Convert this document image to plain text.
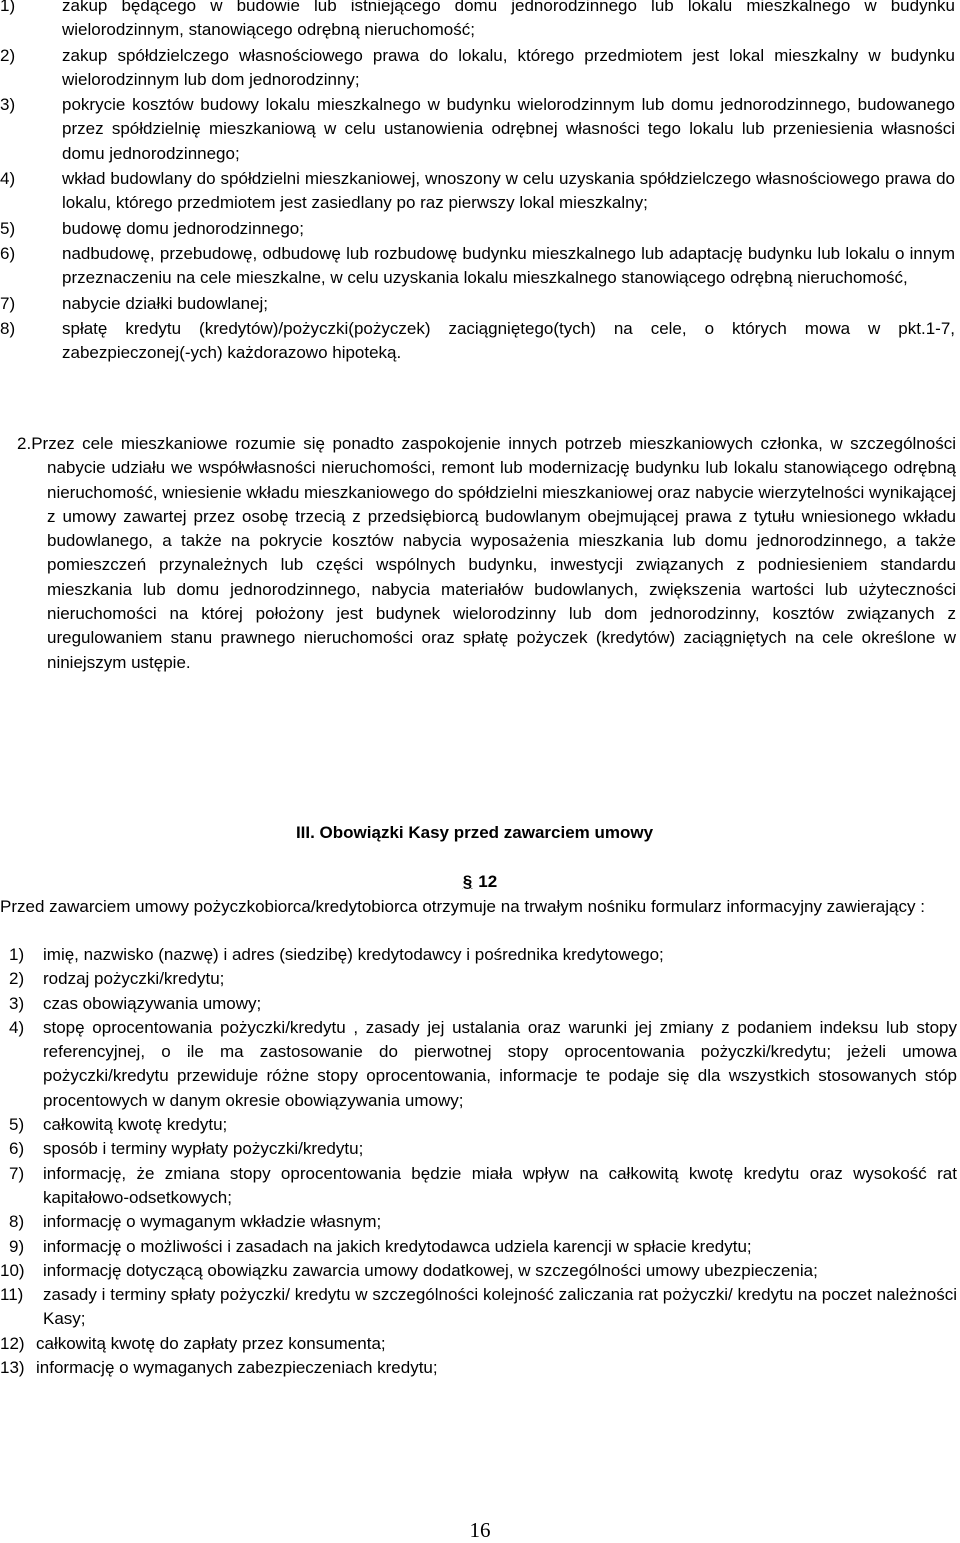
1)	zakup będącego w budowie lub istniejącego domu jednorodzinnego lub lokalu mieszkalnego w budynku wielorodzinnym, stanowiącego odrębną nieruchomość;
2)	zakup spółdzielczego własnościowego prawa do lokalu, którego przedmiotem jest lokal mieszkalny w budynku wielorodzinnym lub dom jednorodzinny;
3)	pokrycie kosztów budowy lokalu mieszkalnego w budynku wielorodzinnym lub domu jednorodzinnego, budowanego przez spółdzielnię mieszkaniową w celu ustanowienia odrębnej własności tego lokalu lub przeniesienia własności domu jednorodzinnego;
4)	wkład budowlany do spółdzielni mieszkaniowej, wnoszony w celu uzyskania spółdzielczego własnościowego prawa do lokalu, którego przedmiotem jest zasiedlany po raz pierwszy lokal mieszkalny;
5)	budowę domu jednorodzinnego;
6)	nadbudowę, przebudowę, odbudowę lub rozbudowę budynku mieszkalnego lub adaptację budynku lub lokalu o innym przeznaczeniu na cele mieszkalne, w celu uzyskania lokalu mieszkalnego stanowiącego odrębną nieruchomość,
7)	nabycie działki budowlanej;
8)	spłatę kredytu (kredytów)/pożyczki(pożyczek) zaciągniętego(tych) na cele, o których mowa w pkt.1-7, zabezpieczonej(-ych) każdorazowo hipoteką.
2.Przez cele mieszkaniowe rozumie się ponadto zaspokojenie innych potrzeb mieszkaniowych członka, w szczególności nabycie udziału we współwłasności nieruchomości, remont lub modernizację budynku lub lokalu stanowiącego odrębną nieruchomość, wniesienie wkładu mieszkaniowego do spółdzielni mieszkaniowej oraz nabycie wierzytelności wynikającej z umowy zawartej przez osobę trzecią z przedsiębiorcą budowlanym obejmującej prawa z tytułu wniesionego wkładu budowlanego, a także na pokrycie kosztów nabycia wyposażenia mieszkania lub domu jednorodzinnego, a także pomieszczeń przynależnych lub części wspólnych budynku, inwestycji związanych z podniesieniem standardu mieszkania lub domu jednorodzinnego, nabycia materiałów budowlanych, zwiększenia wartości lub użyteczności nieruchomości na której położony jest budynek wielorodzinny lub dom jednorodzinny, kosztów związanych z uregulowaniem stanu prawnego nieruchomości oraz spłatę pożyczek (kredytów) zaciągniętych na cele określone w niniejszym ustępie.
III. Obowiązki Kasy przed zawarciem umowy
§ 12
Przed zawarciem umowy pożyczkobiorca/kredytobiorca otrzymuje na trwałym nośniku formularz informacyjny zawierający :
1) imię, nazwisko (nazwę) i adres (siedzibę) kredytodawcy i pośrednika kredytowego;
2) rodzaj pożyczki/kredytu;
3) czas obowiązywania umowy;
4) stopę oprocentowania pożyczki/kredytu , zasady jej ustalania oraz warunki jej zmiany z podaniem indeksu lub stopy referencyjnej, o ile ma zastosowanie do pierwotnej stopy oprocentowania pożyczki/kredytu; jeżeli umowa pożyczki/kredytu przewiduje różne stopy oprocentowania, informacje te podaje się dla wszystkich stosowanych stóp procentowych w danym okresie obowiązywania umowy;
5) całkowitą kwotę kredytu;
6) sposób i terminy wypłaty pożyczki/kredytu;
7) informację, że zmiana stopy oprocentowania będzie miała wpływ na całkowitą kwotę kredytu oraz wysokość rat kapitałowo-odsetkowych;
8) informację o wymaganym wkładzie własnym;
9) informację o możliwości i zasadach na jakich kredytodawca udziela karencji w spłacie kredytu;
10) informację dotyczącą obowiązku zawarcia umowy dodatkowej, w szczególności umowy ubezpieczenia;
11) zasady i terminy spłaty pożyczki/ kredytu w szczególności kolejność zaliczania rat pożyczki/ kredytu na poczet należności Kasy;
12) całkowitą kwotę do zapłaty przez konsumenta;
13) informację o wymaganych zabezpieczeniach kredytu;
16
